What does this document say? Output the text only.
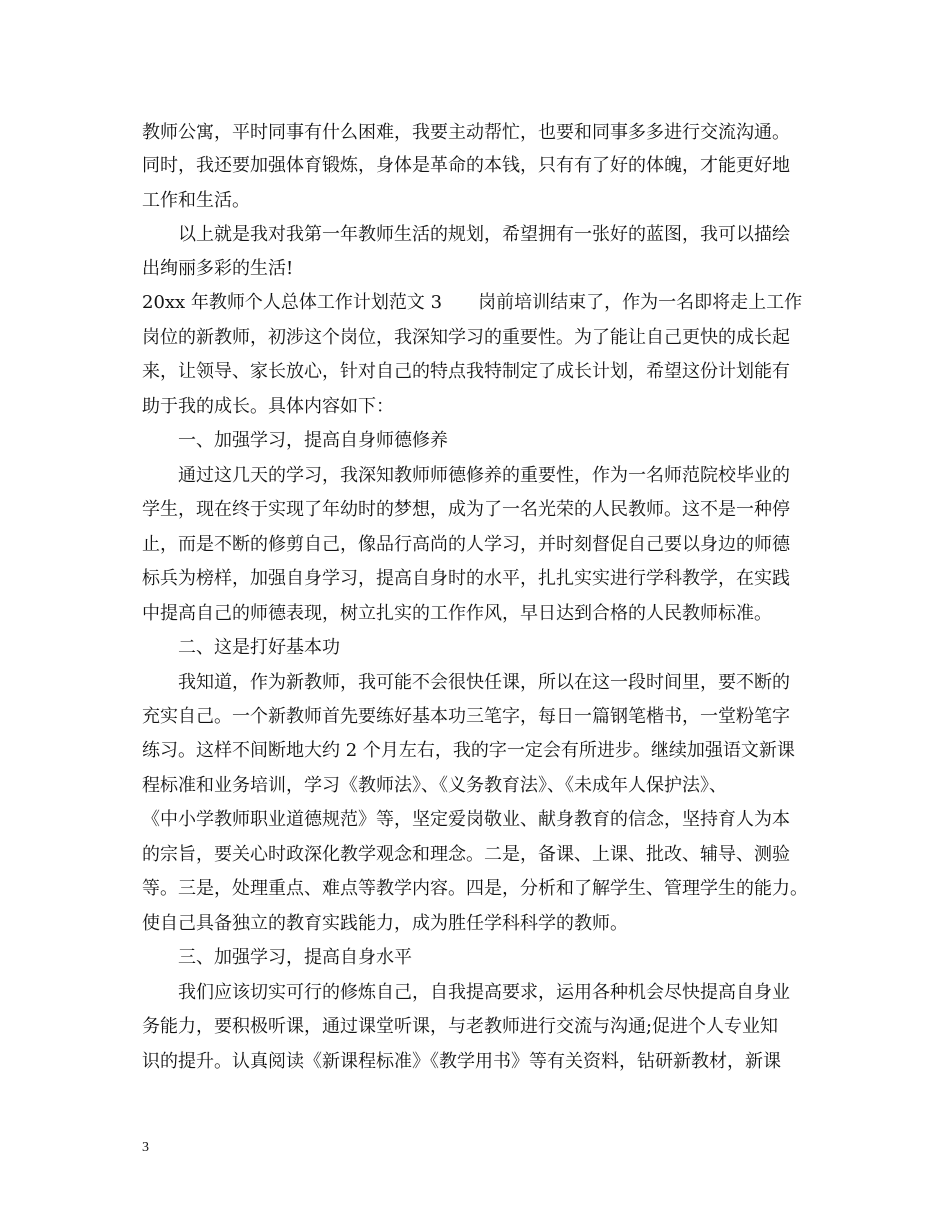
教师公寓，平时同事有什么困难，我要主动帮忙，也要和同事多多进行交流沟通。
同时，我还要加强体育锻炼，身体是革命的本钱，只有有了好的体魄，才能更好地
工作和生活。
以上就是我对我第一年教师生活的规划，希望拥有一张好的蓝图，我可以描绘
出绚丽多彩的生活!
20xx 年教师个人总体工作计划范文 3　　岗前培训结束了，作为一名即将走上工作
岗位的新教师，初涉这个岗位，我深知学习的重要性。为了能让自己更快的成长起
来，让领导、家长放心，针对自己的特点我特制定了成长计划，希望这份计划能有
助于我的成长。具体内容如下：
一、加强学习，提高自身师德修养
通过这几天的学习，我深知教师师德修养的重要性，作为一名师范院校毕业的
学生，现在终于实现了年幼时的梦想，成为了一名光荣的人民教师。这不是一种停
止，而是不断的修剪自己，像品行高尚的人学习，并时刻督促自己要以身边的师德
标兵为榜样，加强自身学习，提高自身时的水平，扎扎实实进行学科教学，在实践
中提高自己的师德表现，树立扎实的工作作风，早日达到合格的人民教师标准。
二、这是打好基本功
我知道，作为新教师，我可能不会很快任课，所以在这一段时间里，要不断的
充实自己。一个新教师首先要练好基本功三笔字，每日一篇钢笔楷书，一堂粉笔字
练习。这样不间断地大约 2 个月左右，我的字一定会有所进步。继续加强语文新课
程标准和业务培训，学习《教师法》、《义务教育法》、《未成年人保护法》、
《中小学教师职业道德规范》等，坚定爱岗敬业、献身教育的信念，坚持育人为本
的宗旨，要关心时政深化教学观念和理念。二是，备课、上课、批改、辅导、测验
等。三是，处理重点、难点等教学内容。四是，分析和了解学生、管理学生的能力。
使自己具备独立的教育实践能力，成为胜任学科科学的教师。
三、加强学习，提高自身水平
我们应该切实可行的修炼自己，自我提高要求，运用各种机会尽快提高自身业
务能力，要积极听课，通过课堂听课，与老教师进行交流与沟通;促进个人专业知
识的提升。认真阅读《新课程标准》《教学用书》等有关资料，钻研新教材，新课
3
